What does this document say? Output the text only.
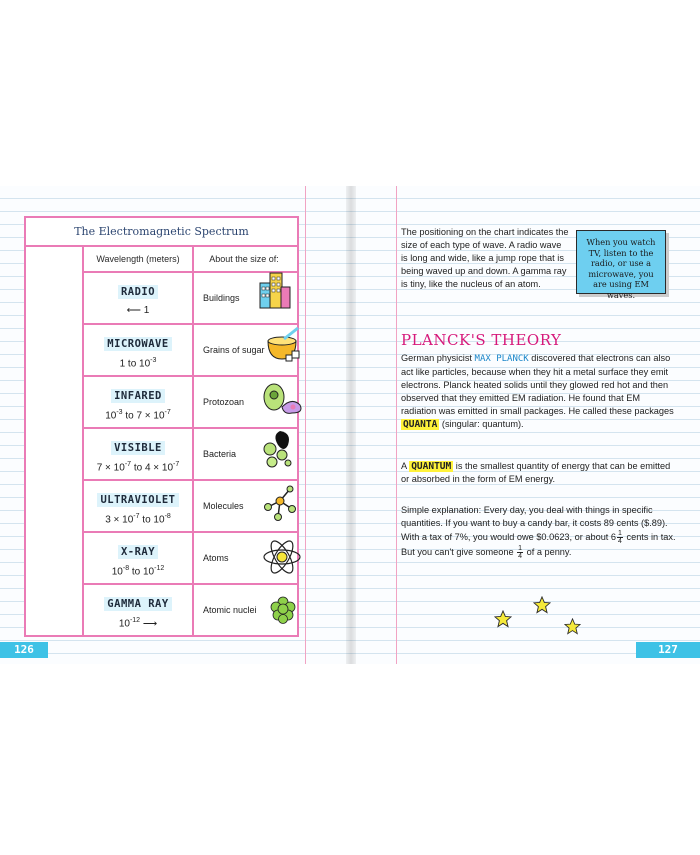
The Electromagnetic Spectrum
Wavelength (meters)	About the size of:
RADIO

⟵ 1
Buildings
MICROWAVE

1 to $10^{-3}$
Grains of sugar
INFARED

$10^{-3}$ to $7 \times 10^{-7}$
Protozoan
VISIBLE

$7 \times 10^{-7}$ to $4 \times 10^{-7}$
Bacteria
ULTRAVIOLET

$3 \times 10^{-7}$ to $10^{-8}$
Molecules
X-RAY

$10^{-8}$ to $10^{-12}$
Atoms
GAMMA RAY

$10^{-12}$ ⟶
Atomic nuclei
126	127
The positioning on the chart indicates the size of each type of wave. A radio wave is long and wide, like a jump rope that is being waved up and down. A gamma ray is tiny, like the nucleus of an atom.
When you watch TV, listen to the radio, or use a microwave, you are using EM waves.
PLANCK'S THEORY
German physicist MAX PLANCK discovered that electrons can also act like particles, because when they hit a metal surface they emit electrons. Planck heated solids until they glowed red hot and then observed that they emitted EM radiation. He found that EM radiation was emitted in small packages. He called these packages QUANTA (singular: quantum).
A QUANTUM is the smallest quantity of energy that can be emitted or absorbed in the form of EM energy.
Simple explanation: Every day, you deal with things in specific quantities. If you want to buy a candy bar, it costs 89 cents ($.89). With a tax of 7%, you would owe $0.0623, or about $6 \frac{1}{4}$ cents in tax. But you can't give someone $\frac{1}{4}$ of a penny.
